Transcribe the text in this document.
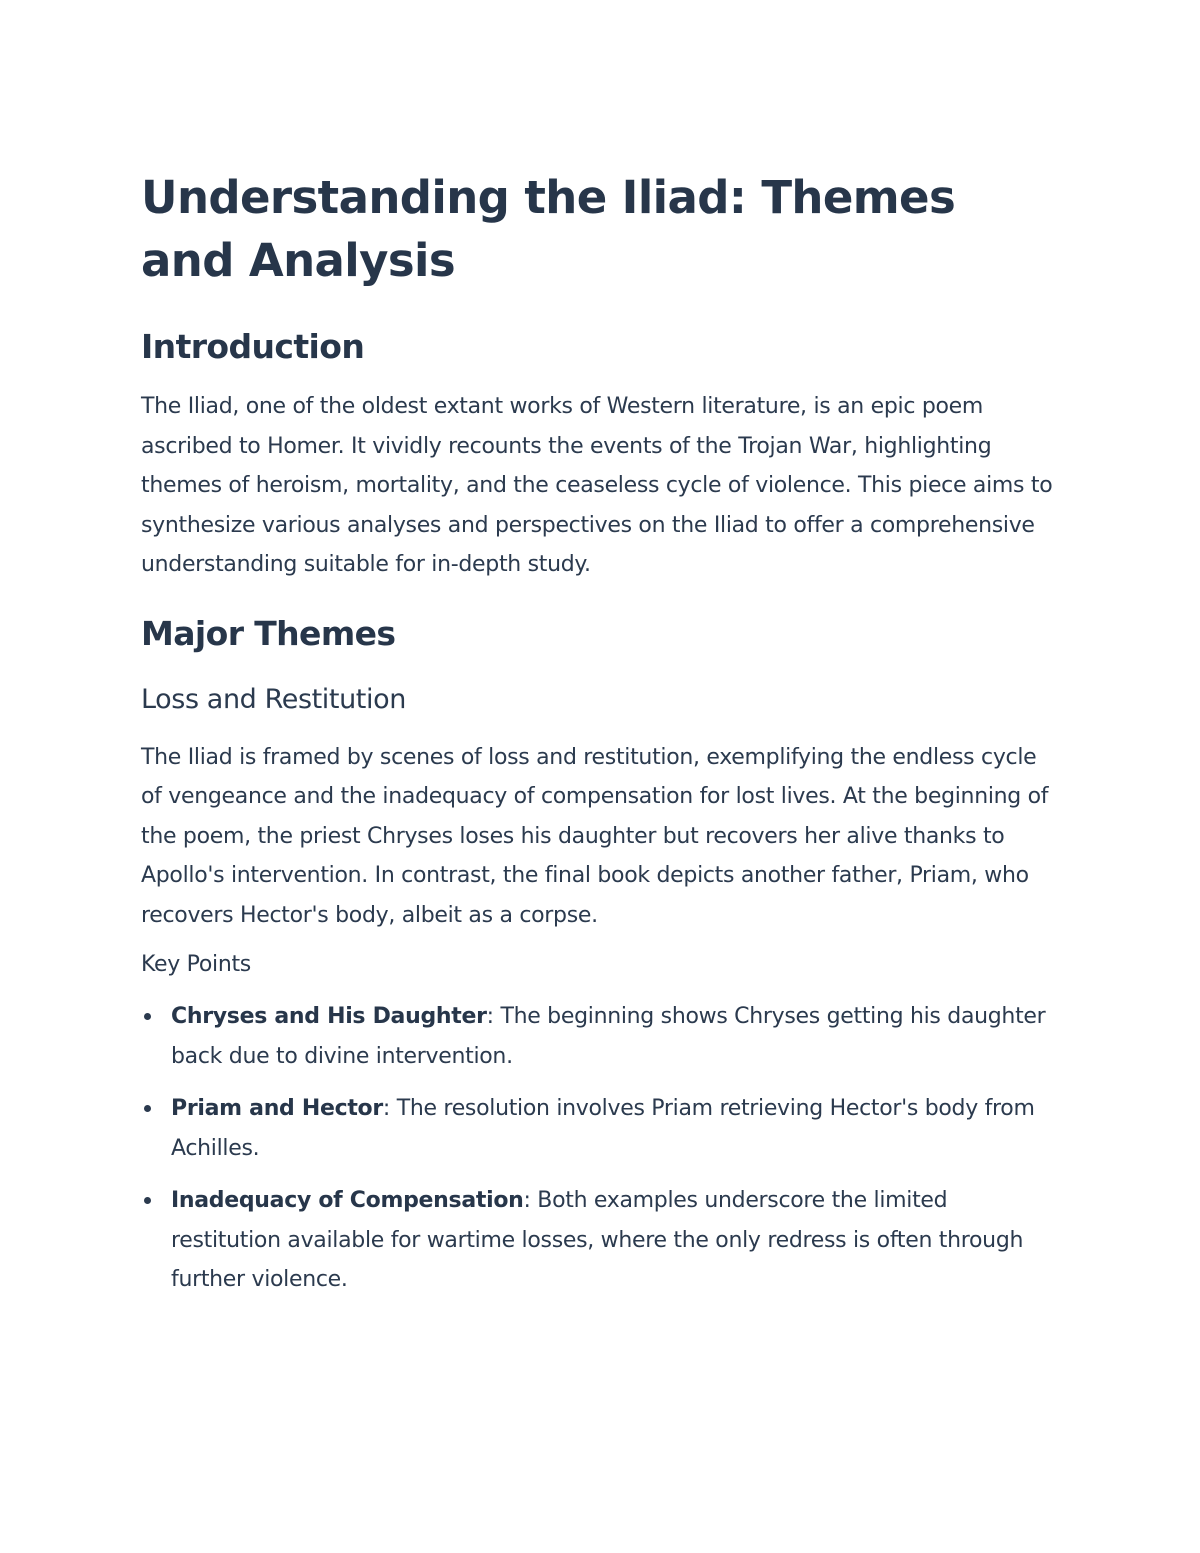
Understanding the Iliad: Themes and Analysis
Introduction

The Iliad, one of the oldest extant works of Western literature, is an epic poem ascribed to Homer. It vividly recounts the events of the Trojan War, highlighting themes of heroism, mortality, and the ceaseless cycle of violence. This piece aims to synthesize various analyses and perspectives on the Iliad to offer a comprehensive understanding suitable for in-depth study.

Major Themes
Loss and Restitution

The Iliad is framed by scenes of loss and restitution, exemplifying the endless cycle of vengeance and the inadequacy of compensation for lost lives. At the beginning of the poem, the priest Chryses loses his daughter but recovers her alive thanks to Apollo's intervention. In contrast, the final book depicts another father, Priam, who recovers Hector's body, albeit as a corpse.

Key Points
Chryses and His Daughter: The beginning shows Chryses getting his daughter back due to divine intervention.
Priam and Hector: The resolution involves Priam retrieving Hector's body from Achilles.
Inadequacy of Compensation: Both examples underscore the limited restitution available for wartime losses, where the only redress is often through further violence.
